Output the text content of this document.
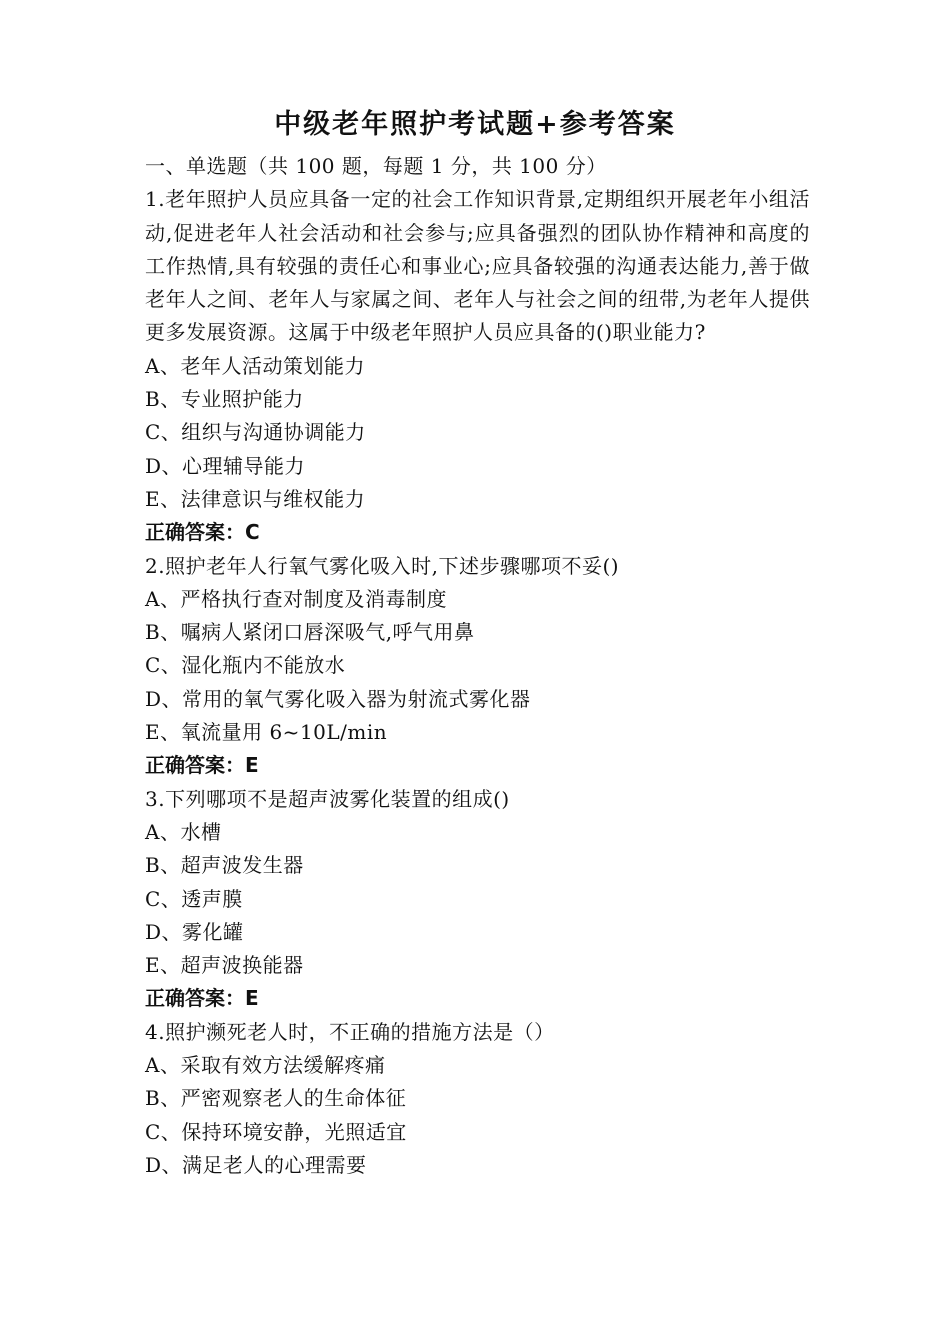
中级老年照护考试题+参考答案
一、单选题（共 100 题，每题 1 分，共 100 分）
1.老年照护人员应具备一定的社会工作知识背景,定期组织开展老年小组活动,促进老年人社会活动和社会参与;应具备强烈的团队协作精神和高度的工作热情,具有较强的责任心和事业心;应具备较强的沟通表达能力,善于做老年人之间、老年人与家属之间、老年人与社会之间的纽带,为老年人提供更多发展资源。这属于中级老年照护人员应具备的()职业能力?
A、老年人活动策划能力
B、专业照护能力
C、组织与沟通协调能力
D、心理辅导能力
E、法律意识与维权能力
正确答案：C
2.照护老年人行氧气雾化吸入时,下述步骤哪项不妥()
A、严格执行查对制度及消毒制度
B、嘱病人紧闭口唇深吸气,呼气用鼻
C、湿化瓶内不能放水
D、常用的氧气雾化吸入器为射流式雾化器
E、氧流量用 6~10L/min
正确答案：E
3.下列哪项不是超声波雾化装置的组成()
A、水槽
B、超声波发生器
C、透声膜
D、雾化罐
E、超声波换能器
正确答案：E
4.照护濒死老人时，不正确的措施方法是（）
A、采取有效方法缓解疼痛
B、严密观察老人的生命体征
C、保持环境安静，光照适宜
D、满足老人的心理需要
